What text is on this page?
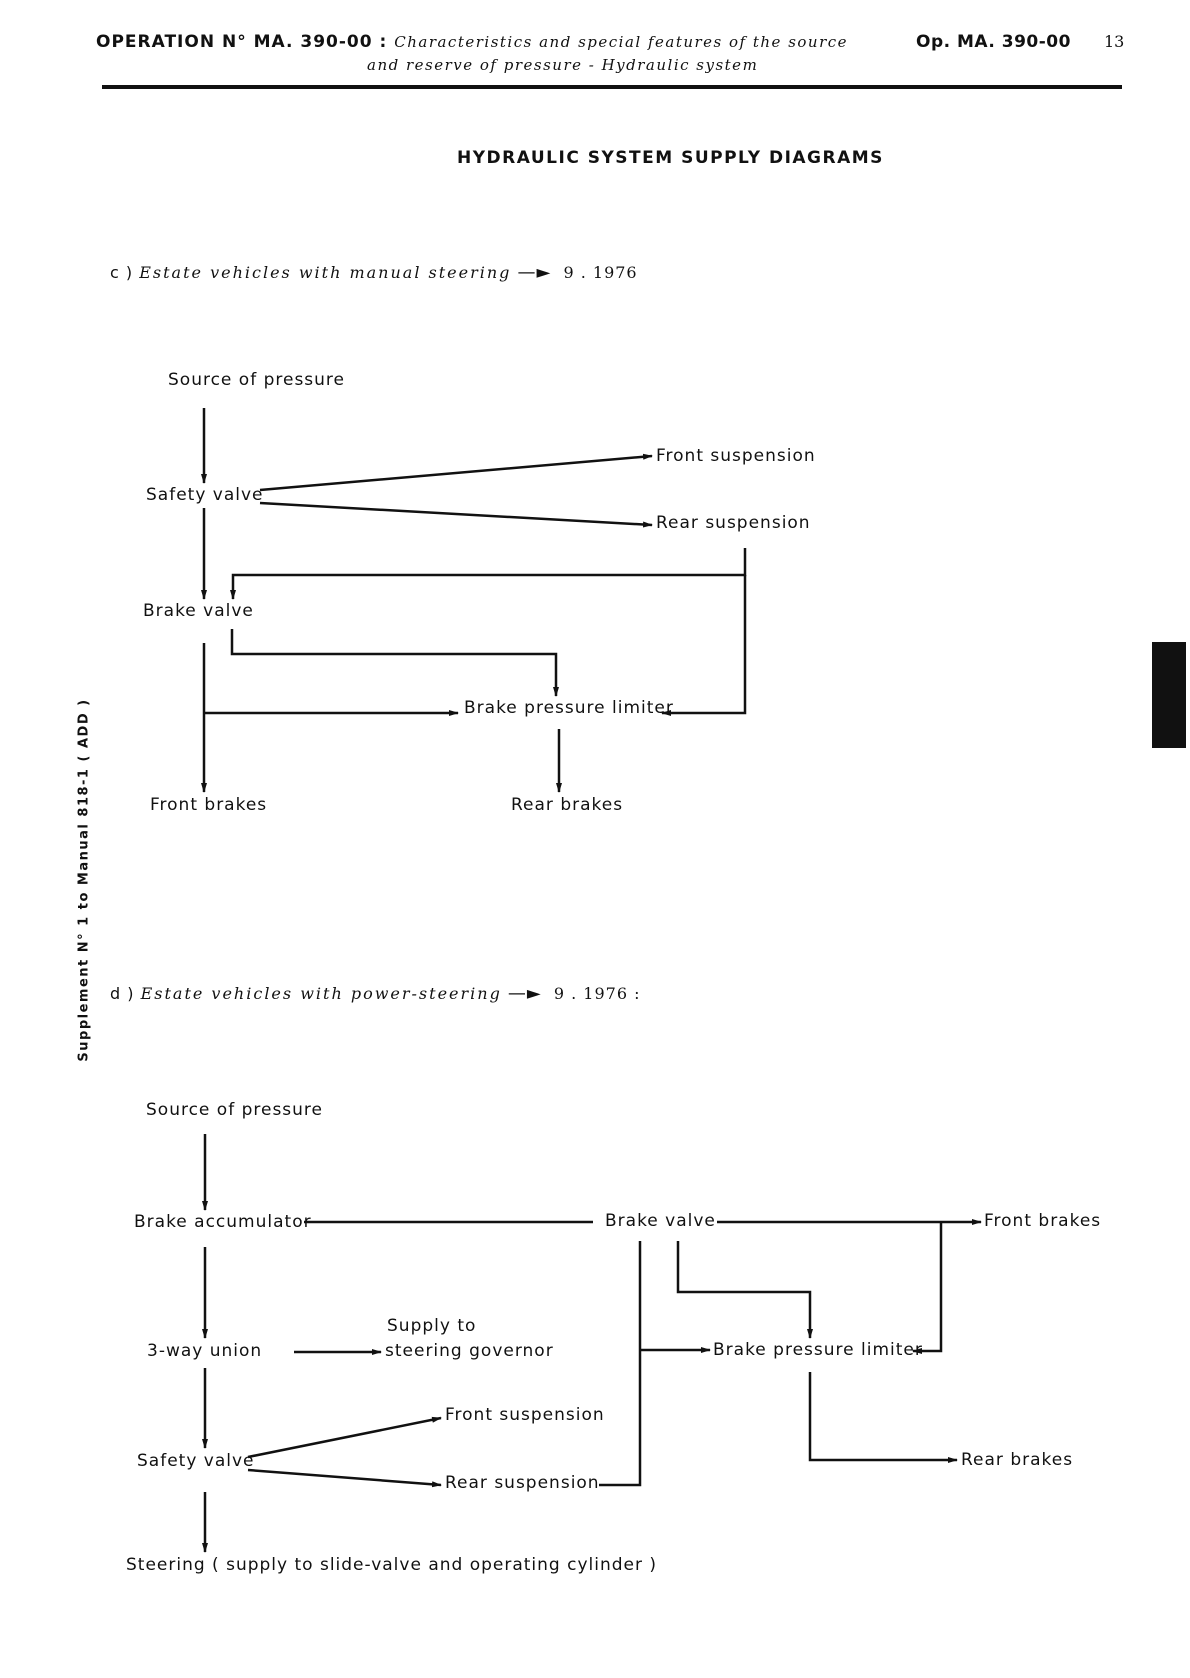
OPERATION N° MA. 390-00 : Characteristics and special features of the source
and reserve of pressure - Hydraulic system
Op. MA. 390-00 13
HYDRAULIC SYSTEM SUPPLY DIAGRAMS
Supplement N° 1 to Manual 818-1 ( ADD )
c ) Estate vehicles with manual steering —► 9 . 1976
Source of pressure
Safety valve
Front suspension
Rear suspension
Brake valve
Brake pressure limiter
Front brakes	Rear brakes
d ) Estate vehicles with power-steering —► 9 . 1976 :
Source of pressure
Brake accumulator	Brake valve	Front brakes
3-way union
Supply to
steering governor	Brake pressure limiter
Front suspension
Safety valve
Rear suspension
Rear brakes
Steering ( supply to slide-valve and operating cylinder )
